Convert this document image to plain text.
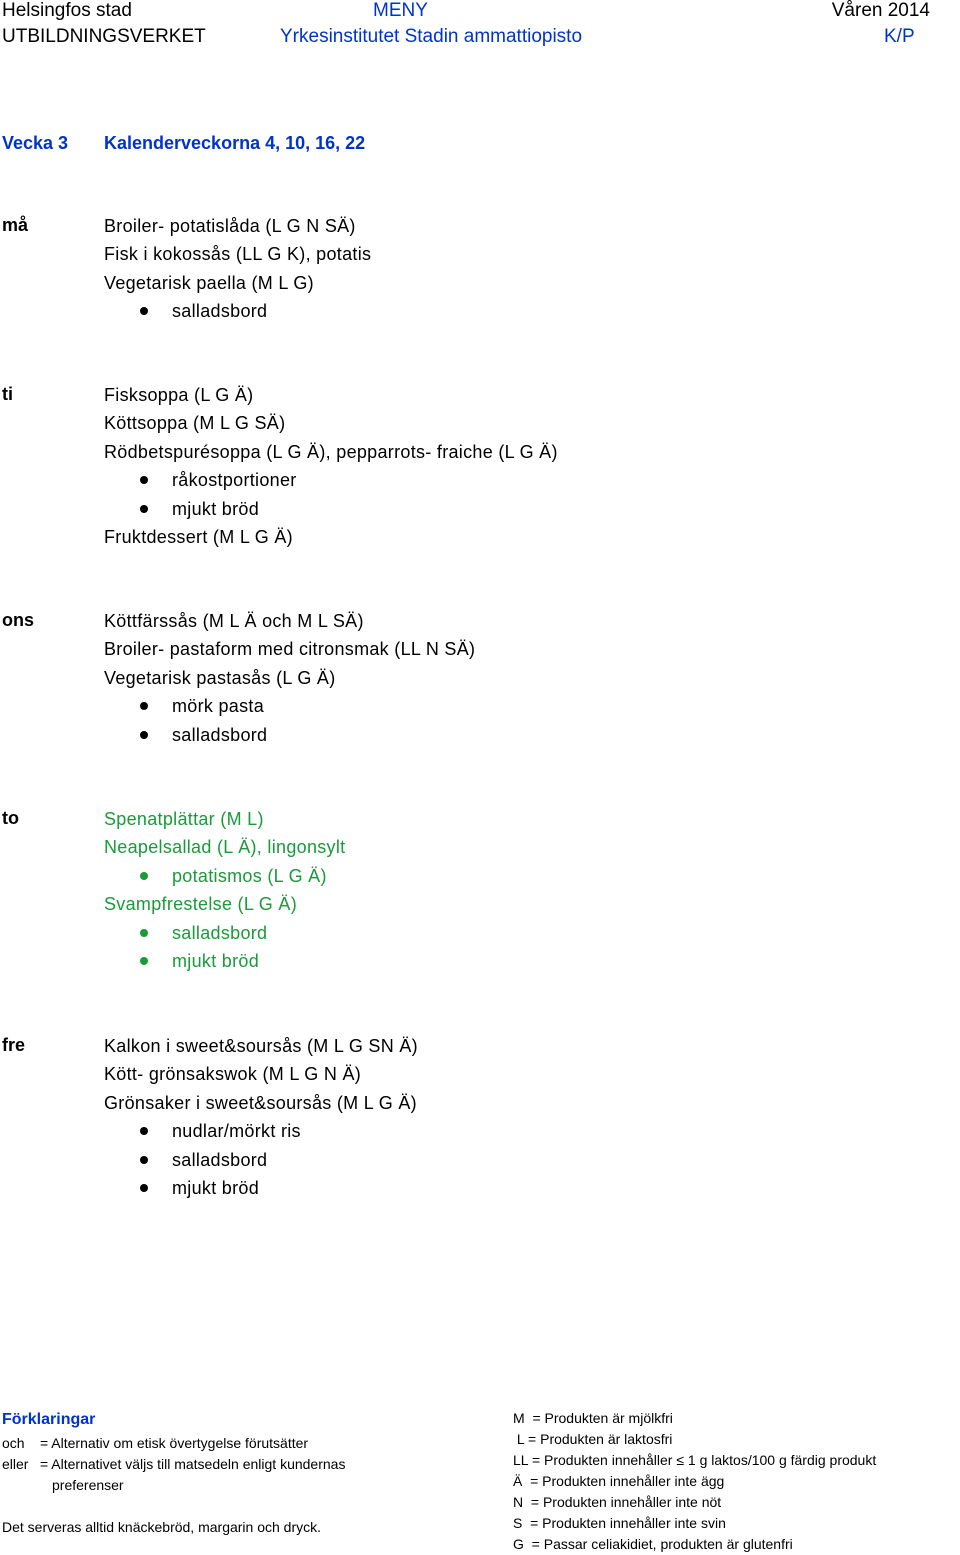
Helsingfos stad	MENY	Våren 2014
UTBILDNINGSVERKET	Yrkesinstitutet Stadin ammattiopisto	K/P
Vecka 3 Kalenderveckorna 4, 10, 16, 22
må	Broiler- potatislåda (L G N SÄ)
Fisk i kokossås (LL G K), potatis
Vegetarisk paella (M L G)
salladsbord
ti	Fisksoppa (L G Ä)
Köttsoppa (M L G SÄ)
Rödbetspurésoppa (L G Ä), pepparrots- fraiche (L G Ä)
råkostportioner
mjukt bröd
Fruktdessert (M L G Ä)
ons	Köttfärssås (M L Ä och M L SÄ)
Broiler- pastaform med citronsmak (LL N SÄ)
Vegetarisk pastasås (L G Ä)
mörk pasta
salladsbord
to	Spenatplättar (M L)
Neapelsallad (L Ä), lingonsylt
potatismos (L G Ä)
Svampfrestelse (L G Ä)
salladsbord
mjukt bröd
fre	Kalkon i sweet&soursås (M L G SN Ä)
Kött- grönsakswok (M L G N Ä)
Grönsaker i sweet&soursås (M L G Ä)
nudlar/mörkt ris
salladsbord
mjukt bröd
Förklaringar
och = Alternativ om etisk övertygelse förutsätter
eller = Alternativet väljs till matsedeln enligt kundernas
preferenser
Det serveras alltid knäckebröd, margarin och dryck.
M  = Produkten är mjölkfri
L = Produkten är laktosfri
LL = Produkten innehåller ≤ 1 g laktos/100 g färdig produkt
Ä  = Produkten innehåller inte ägg
N  = Produkten innehåller inte nöt
S  = Produkten innehåller inte svin
G  = Passar celiakidiet, produkten är glutenfri
